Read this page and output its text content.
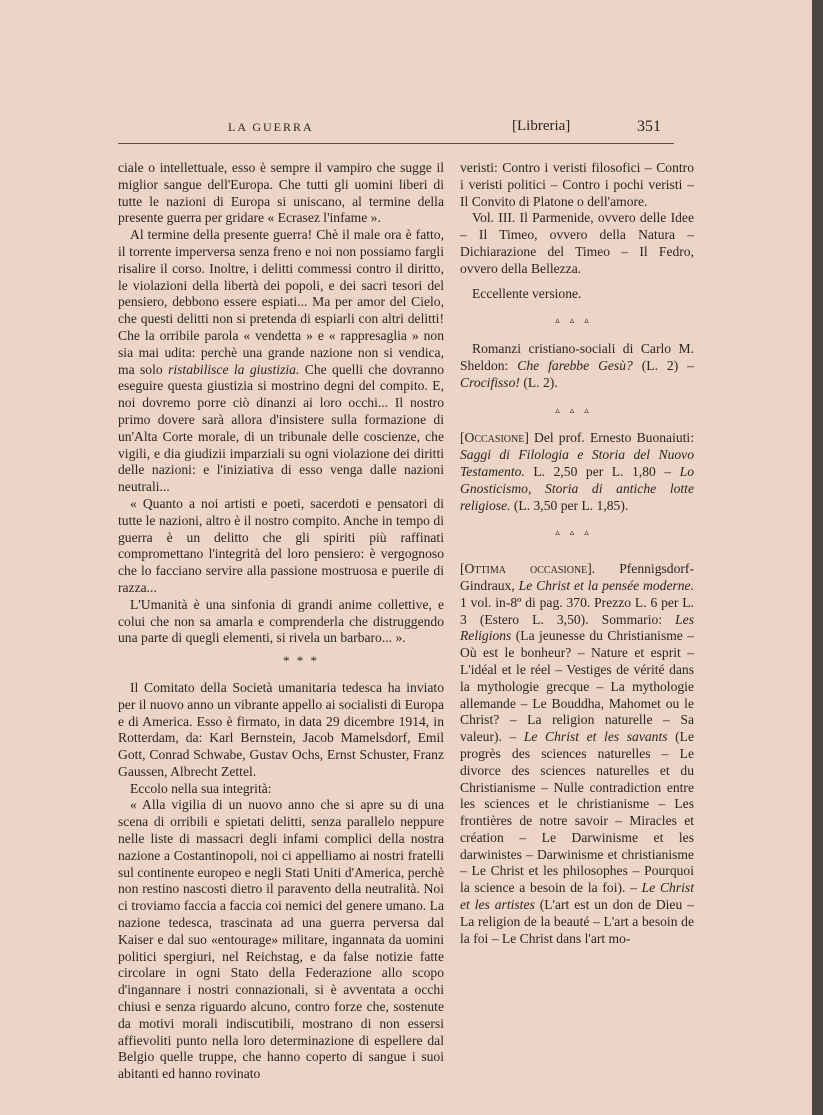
LA GUERRA	[Libreria]	351

ciale o intellettuale, esso è sempre il vampiro che sugge il miglior sangue dell'Europa. Che tutti gli uomini liberi di tutte le nazioni di Europa si uniscano, al termine della presente guerra per gridare « Ecrasez l'infame ».

Al termine della presente guerra! Chè il male ora è fatto, il torrente imperversa senza freno e noi non possiamo fargli risalire il corso. Inoltre, i delitti commessi contro il diritto, le violazioni della libertà dei popoli, e dei sacri tesori del pensiero, debbono essere espiati... Ma per amor del Cielo, che questi delitti non si pretenda di espiarli con altri delitti! Che la orribile parola « vendetta » e « rappresaglia » non sia mai udita: perchè una grande nazione non si vendica, ma solo ristabilisce la giustizia. Che quelli che dovranno eseguire questa giustizia si mostrino degni del compito. E, noi dovremo porre ciò dinanzi ai loro occhi... Il nostro primo dovere sarà allora d'insistere sulla formazione di un'Alta Corte morale, di un tribunale delle coscienze, che vigili, e dia giudizii imparziali su ogni violazione dei diritti delle nazioni: e l'iniziativa di esso venga dalle nazioni neutrali...

« Quanto a noi artisti e poeti, sacerdoti e pensatori di tutte le nazioni, altro è il nostro compito. Anche in tempo di guerra è un delitto che gli spiriti più raffinati compromettano l'integrità del loro pensiero: è vergognoso che lo facciano servire alla passione mostruosa e puerile di razza...

L'Umanità è una sinfonia di grandi anime collettive, e colui che non sa amarla e comprenderla che distruggendo una parte di quegli elementi, si rivela un barbaro... ».

* * *

Il Comitato della Società umanitaria tedesca ha inviato per il nuovo anno un vibrante appello ai socialisti di Europa e di America. Esso è firmato, in data 29 dicembre 1914, in Rotterdam, da: Karl Bernstein, Jacob Mamelsdorf, Emil Gott, Conrad Schwabe, Gustav Ochs, Ernst Schuster, Franz Gaussen, Albrecht Zettel.

Eccolo nella sua integrità:

« Alla vigilia di un nuovo anno che si apre su di una scena di orribili e spietati delitti, senza parallelo neppure nelle liste di massacri degli infami complici della nostra nazione a Costantinopoli, noi ci appelliamo ai nostri fratelli sul continente europeo e negli Stati Uniti d'America, perchè non restino nascosti dietro il paravento della neutralità. Noi ci troviamo faccia a faccia coi nemici del genere umano. La nazione tedesca, trascinata ad una guerra perversa dal Kaiser e dal suo «entourage» militare, ingannata da uomini politici spergiuri, nel Reichstag, e da false notizie fatte circolare in ogni Stato della Federazione allo scopo d'ingannare i nostri connazionali, si è avventata a occhi chiusi e senza riguardo alcuno, contro forze che, sostenute da motivi morali indiscutibili, mostrano di non essersi affievoliti punto nella loro determinazione di espellere dal Belgio quelle truppe, che hanno coperto di sangue i suoi abitanti ed hanno rovinato

veristi: Contro i veristi filosofici – Contro i veristi politici – Contro i pochi veristi – Il Convito di Platone o dell'amore.

Vol. III. Il Parmenide, ovvero delle Idee – Il Timeo, ovvero della Natura – Dichiarazione del Timeo – Il Fedro, ovvero della Bellezza.

Eccellente versione.

▵▵▵

Romanzi cristiano-sociali di Carlo M. Sheldon: Che farebbe Gesù? (L. 2) – Crocifisso! (L. 2).

▵▵▵

[Occasione] Del prof. Ernesto Buonaiuti: Saggi di Filologia e Storia del Nuovo Testamento. L. 2,50 per L. 1,80 – Lo Gnosticismo, Storia di antiche lotte religiose. (L. 3,50 per L. 1,85).

▵▵▵

[Ottima occasione]. Pfennigsdorf-Gindraux, Le Christ et la pensée moderne. 1 vol. in-8º di pag. 370. Prezzo L. 6 per L. 3 (Estero L. 3,50). Sommario: Les Religions (La jeunesse du Christianisme – Où est le bonheur? – Nature et esprit – L'idéal et le réel – Vestiges de vérité dans la mythologie grecque – La mythologie allemande – Le Bouddha, Mahomet ou le Christ? – La religion naturelle – Sa valeur). – Le Christ et les savants (Le progrès des sciences naturelles – Le divorce des sciences naturelles et du Christianisme – Nulle contradiction entre les sciences et le christianisme – Les frontières de notre savoir – Miracles et création – Le Darwinisme et les darwinistes – Darwinisme et christianisme – Le Christ et les philosophes – Pourquoi la science a besoin de la foi). – Le Christ et les artistes (L'art est un don de Dieu – La religion de la beauté – L'art a besoin de la foi – Le Christ dans l'art mo-
